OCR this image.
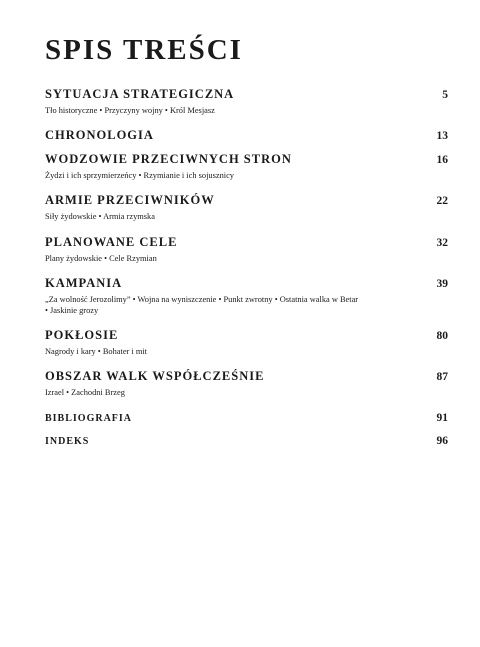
SPIS TREŚCI
SYTUACJA STRATEGICZNA	5
Tło historyczne • Przyczyny wojny • Król Mesjasz
CHRONOLOGIA	13
WODZOWIE PRZECIWNYCH STRON	16
Żydzi i ich sprzymierzeńcy • Rzymianie i ich sojusznicy
ARMIE PRZECIWNIKÓW	22
Siły żydowskie • Armia rzymska
PLANOWANE CELE	32
Plany żydowskie • Cele Rzymian
KAMPANIA	39
„Za wolność Jerozolimy” • Wojna na wyniszczenie • Punkt zwrotny • Ostatnia walka w Betar
• Jaskinie grozy
POKŁOSIE	80
Nagrody i kary • Bohater i mit
OBSZAR WALK WSPÓŁCZEŚNIE	87
Izrael • Zachodni Brzeg
BIBLIOGRAFIA	91
INDEKS	96
